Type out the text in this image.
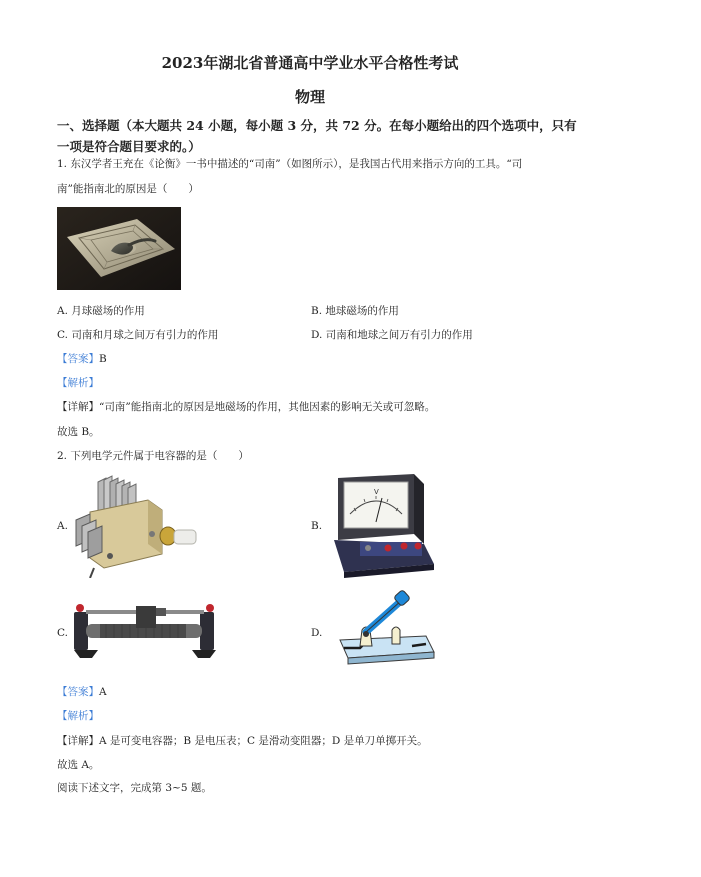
2023年湖北省普通高中学业水平合格性考试
物理
一、选择题（本大题共 24 小题，每小题 3 分，共 72 分。在每小题给出的四个选项中，只有
一项是符合题目要求的。）
1. 东汉学者王充在《论衡》一书中描述的“司南”（如图所示），是我国古代用来指示方向的工具。“司
南”能指南北的原因是（　　）
A. 月球磁场的作用	B. 地球磁场的作用
C. 司南和月球之间万有引力的作用	D. 司南和地球之间万有引力的作用
【答案】B
【解析】
【详解】“司南”能指南北的原因是地磁场的作用，其他因素的影响无关或可忽略。
故选 B。
2. 下列电学元件属于电容器的是（　　）
A.	B.
V
C.	D.
【答案】A
【解析】
【详解】A 是可变电容器；B 是电压表；C 是滑动变阻器；D 是单刀单掷开关。
故选 A。
阅读下述文字，完成第 3~5 题。
